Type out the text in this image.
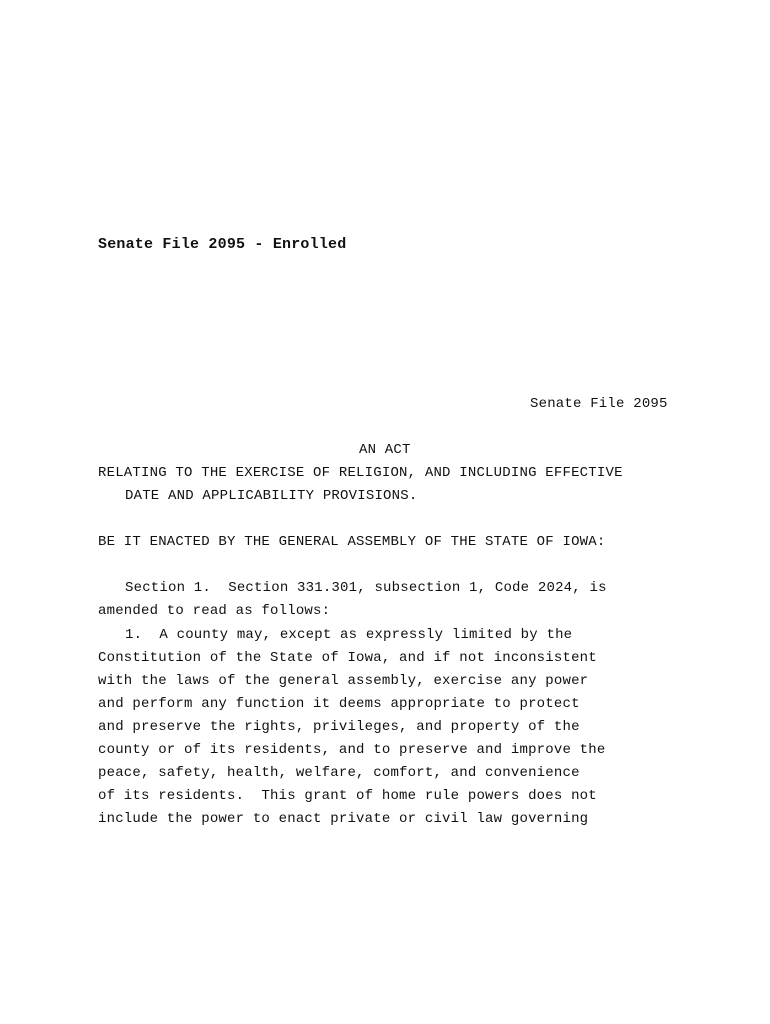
Senate File 2095 - Enrolled
Senate File 2095
AN ACT
RELATING TO THE EXERCISE OF RELIGION, AND INCLUDING EFFECTIVE
DATE AND APPLICABILITY PROVISIONS.
BE IT ENACTED BY THE GENERAL ASSEMBLY OF THE STATE OF IOWA:
Section 1.  Section 331.301, subsection 1, Code 2024, is
amended to read as follows:
1.  A county may, except as expressly limited by the
Constitution of the State of Iowa, and if not inconsistent
with the laws of the general assembly, exercise any power
and perform any function it deems appropriate to protect
and preserve the rights, privileges, and property of the
county or of its residents, and to preserve and improve the
peace, safety, health, welfare, comfort, and convenience
of its residents.  This grant of home rule powers does not
include the power to enact private or civil law governing
